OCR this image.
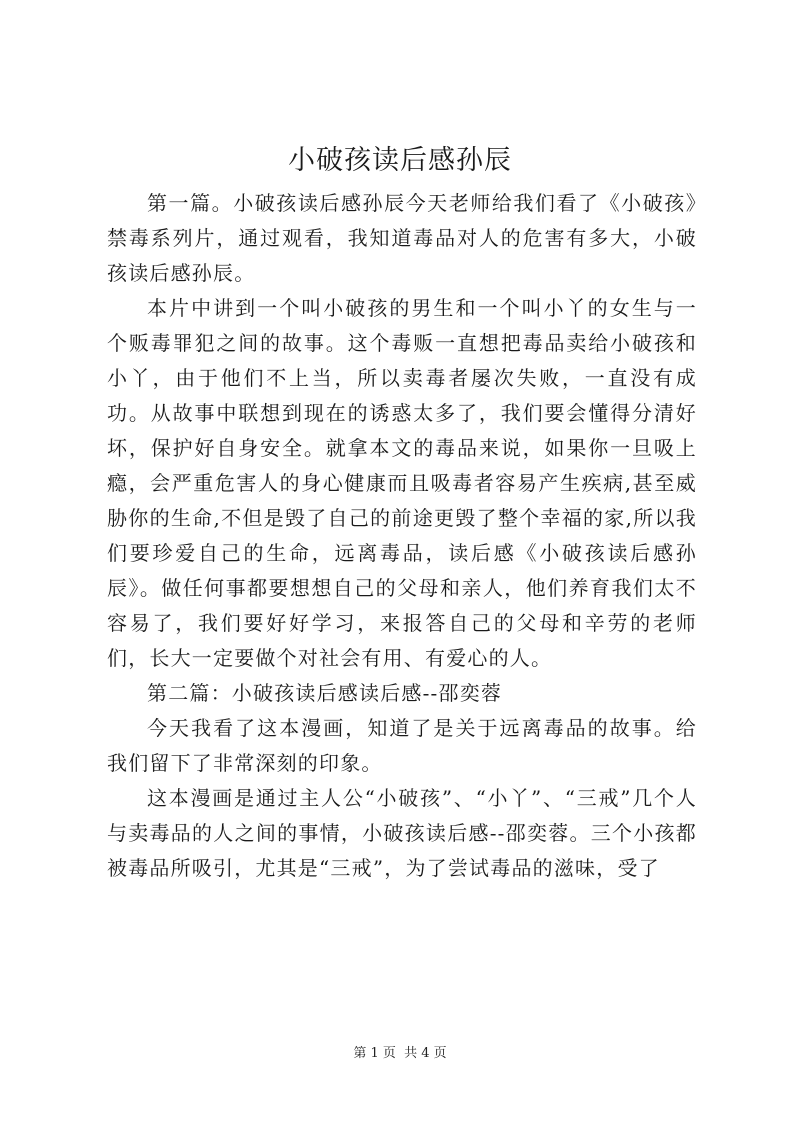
小破孩读后感孙辰

第一篇。小破孩读后感孙辰今天老师给我们看了《小破孩》禁毒系列片，通过观看，我知道毒品对人的危害有多大，小破孩读后感孙辰。

本片中讲到一个叫小破孩的男生和一个叫小丫的女生与一个贩毒罪犯之间的故事。这个毒贩一直想把毒品卖给小破孩和小丫，由于他们不上当，所以卖毒者屡次失败，一直没有成功。从故事中联想到现在的诱惑太多了，我们要会懂得分清好坏，保护好自身安全。就拿本文的毒品来说，如果你一旦吸上瘾，会严重危害人的身心健康而且吸毒者容易产生疾病,甚至威胁你的生命,不但是毁了自己的前途更毁了整个幸福的家,所以我们要珍爱自己的生命，远离毒品，读后感《小破孩读后感孙辰》。做任何事都要想想自己的父母和亲人，他们养育我们太不容易了，我们要好好学习，来报答自己的父母和辛劳的老师们，长大一定要做个对社会有用、有爱心的人。

第二篇：小破孩读后感读后感--邵奕蓉

今天我看了这本漫画，知道了是关于远离毒品的故事。给我们留下了非常深刻的印象。

这本漫画是通过主人公“小破孩”、“小丫”、“三戒”几个人与卖毒品的人之间的事情，小破孩读后感--邵奕蓉。三个小孩都被毒品所吸引，尤其是“三戒”，为了尝试毒品的滋味，受了

第 1 页 共 4 页
